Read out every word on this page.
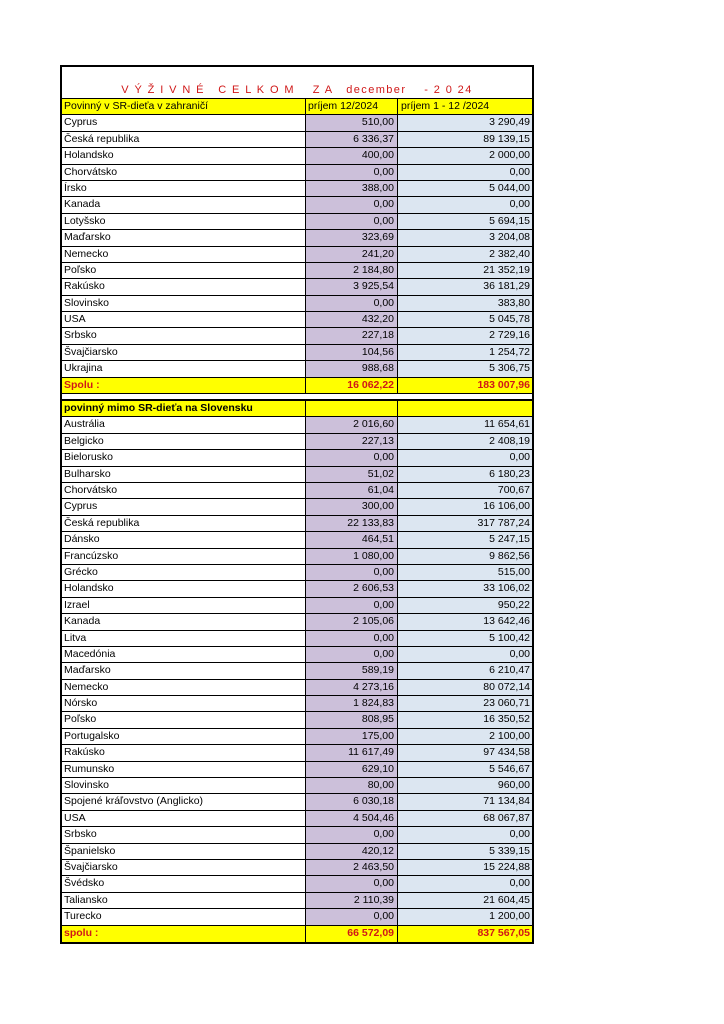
V Ý Ž I V N É   C E L K O M    Z A   december    - 2 0 24
Povinný v SR-dieťa v zahraničí	príjem 12/2024	príjem 1 - 12 /2024
Cyprus	510,00	3 290,49
Česká republika	6 336,37	89 139,15
Holandsko	400,00	2 000,00
Chorvátsko	0,00	0,00
Írsko	388,00	5 044,00
Kanada	0,00	0,00
Lotyšsko	0,00	5 694,15
Maďarsko	323,69	3 204,08
Nemecko	241,20	2 382,40
Poľsko	2 184,80	21 352,19
Rakúsko	3 925,54	36 181,29
Slovinsko	0,00	383,80
USA	432,20	5 045,78
Srbsko	227,18	2 729,16
Švajčiarsko	104,56	1 254,72
Ukrajina	988,68	5 306,75
Spolu :	16 062,22	183 007,96
povinný mimo SR-dieťa na Slovensku
Austrália	2 016,60	11 654,61
Belgicko	227,13	2 408,19
Bielorusko	0,00	0,00
Bulharsko	51,02	6 180,23
Chorvátsko	61,04	700,67
Cyprus	300,00	16 106,00
Česká republika	22 133,83	317 787,24
Dánsko	464,51	5 247,15
Francúzsko	1 080,00	9 862,56
Grécko	0,00	515,00
Holandsko	2 606,53	33 106,02
Izrael	0,00	950,22
Kanada	2 105,06	13 642,46
Litva	0,00	5 100,42
Macedónia	0,00	0,00
Maďarsko	589,19	6 210,47
Nemecko	4 273,16	80 072,14
Nórsko	1 824,83	23 060,71
Poľsko	808,95	16 350,52
Portugalsko	175,00	2 100,00
Rakúsko	11 617,49	97 434,58
Rumunsko	629,10	5 546,67
Slovinsko	80,00	960,00
Spojené kráľovstvo (Anglicko)	6 030,18	71 134,84
USA	4 504,46	68 067,87
Srbsko	0,00	0,00
Španielsko	420,12	5 339,15
Švajčiarsko	2 463,50	15 224,88
Švédsko	0,00	0,00
Taliansko	2 110,39	21 604,45
Turecko	0,00	1 200,00
spolu :	66 572,09	837 567,05
